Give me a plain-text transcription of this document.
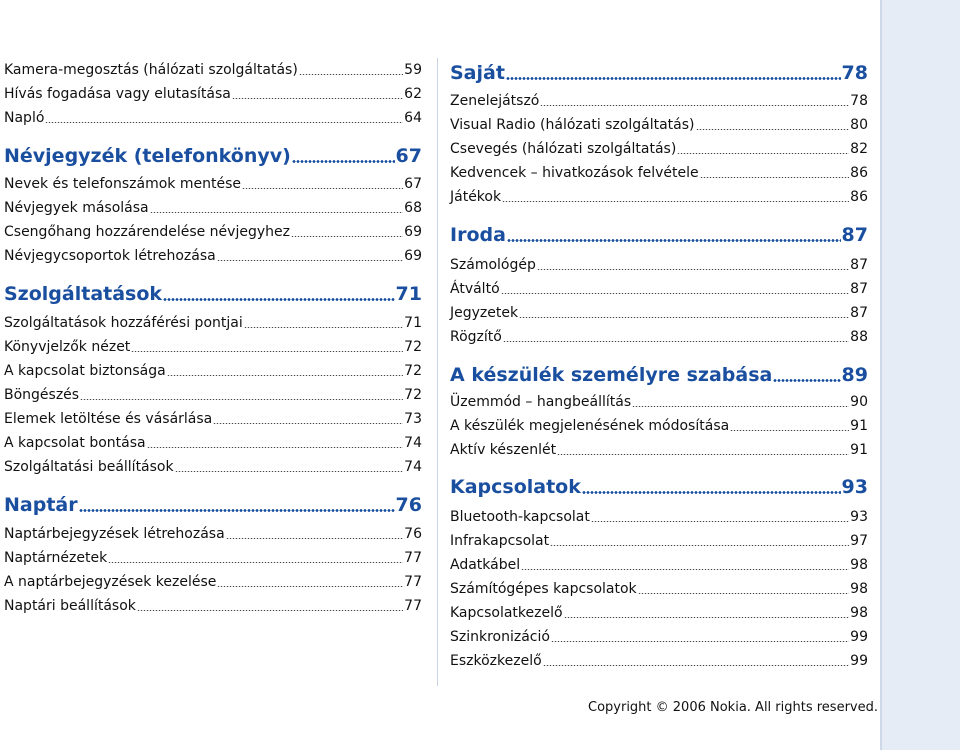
Kamera-megosztás (hálózati szolgáltatás)	59
Hívás fogadása vagy elutasítása	62
Napló	64
Névjegyzék (telefonkönyv)	67
Nevek és telefonszámok mentése	67
Névjegyek másolása	68
Csengőhang hozzárendelése névjegyhez	69
Névjegycsoportok létrehozása	69
Szolgáltatások	71
Szolgáltatások hozzáférési pontjai	71
Könyvjelzők nézet	72
A kapcsolat biztonsága	72
Böngészés	72
Elemek letöltése és vásárlása	73
A kapcsolat bontása	74
Szolgáltatási beállítások	74
Naptár	76
Naptárbejegyzések létrehozása	76
Naptárnézetek	77
A naptárbejegyzések kezelése	77
Naptári beállítások	77
Saját	78
Zenelejátszó	78
Visual Radio (hálózati szolgáltatás)	80
Csevegés (hálózati szolgáltatás)	82
Kedvencek – hivatkozások felvétele	86
Játékok	86
Iroda	87
Számológép	87
Átváltó	87
Jegyzetek	87
Rögzítő	88
A készülék személyre szabása	89
Üzemmód – hangbeállítás	90
A készülék megjelenésének módosítása	91
Aktív készenlét	91
Kapcsolatok	93
Bluetooth-kapcsolat	93
Infrakapcsolat	97
Adatkábel	98
Számítógépes kapcsolatok	98
Kapcsolatkezelő	98
Szinkronizáció	99
Eszközkezelő	99
Copyright © 2006 Nokia. All rights reserved.
